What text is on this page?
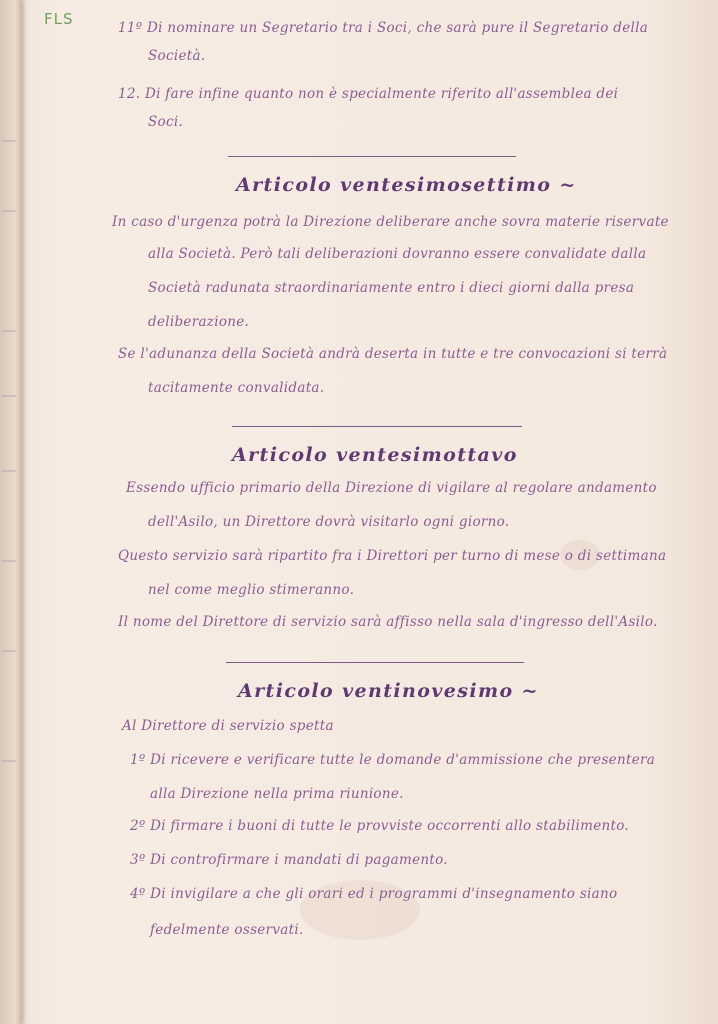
FLS	11º Di nominare un Segretario tra i Soci, che sarà pure il Segretario della
Società.
12. Di fare infine quanto non è specialmente riferito all'assemblea dei
Soci.
Articolo ventesimosettimo ~
In caso d'urgenza potrà la Direzione deliberare anche sovra materie riservate
alla Società. Però tali deliberazioni dovranno essere convalidate dalla
Società radunata straordinariamente entro i dieci giorni dalla presa
deliberazione.
Se l'adunanza della Società andrà deserta in tutte e tre convocazioni si terrà
tacitamente convalidata.
Articolo ventesimottavo
Essendo ufficio primario della Direzione di vigilare al regolare andamento
dell'Asilo, un Direttore dovrà visitarlo ogni giorno.
Questo servizio sarà ripartito fra i Direttori per turno di mese o di settimana
nel come meglio stimeranno.
Il nome del Direttore di servizio sarà affisso nella sala d'ingresso dell'Asilo.
Articolo ventinovesimo ~
Al Direttore di servizio spetta
1º Di ricevere e verificare tutte le domande d'ammissione che presentera
alla Direzione nella prima riunione.
2º Di firmare i buoni di tutte le provviste occorrenti allo stabilimento.
3º Di controfirmare i mandati di pagamento.
4º Di invigilare a che gli orari ed i programmi d'insegnamento siano
fedelmente osservati.
